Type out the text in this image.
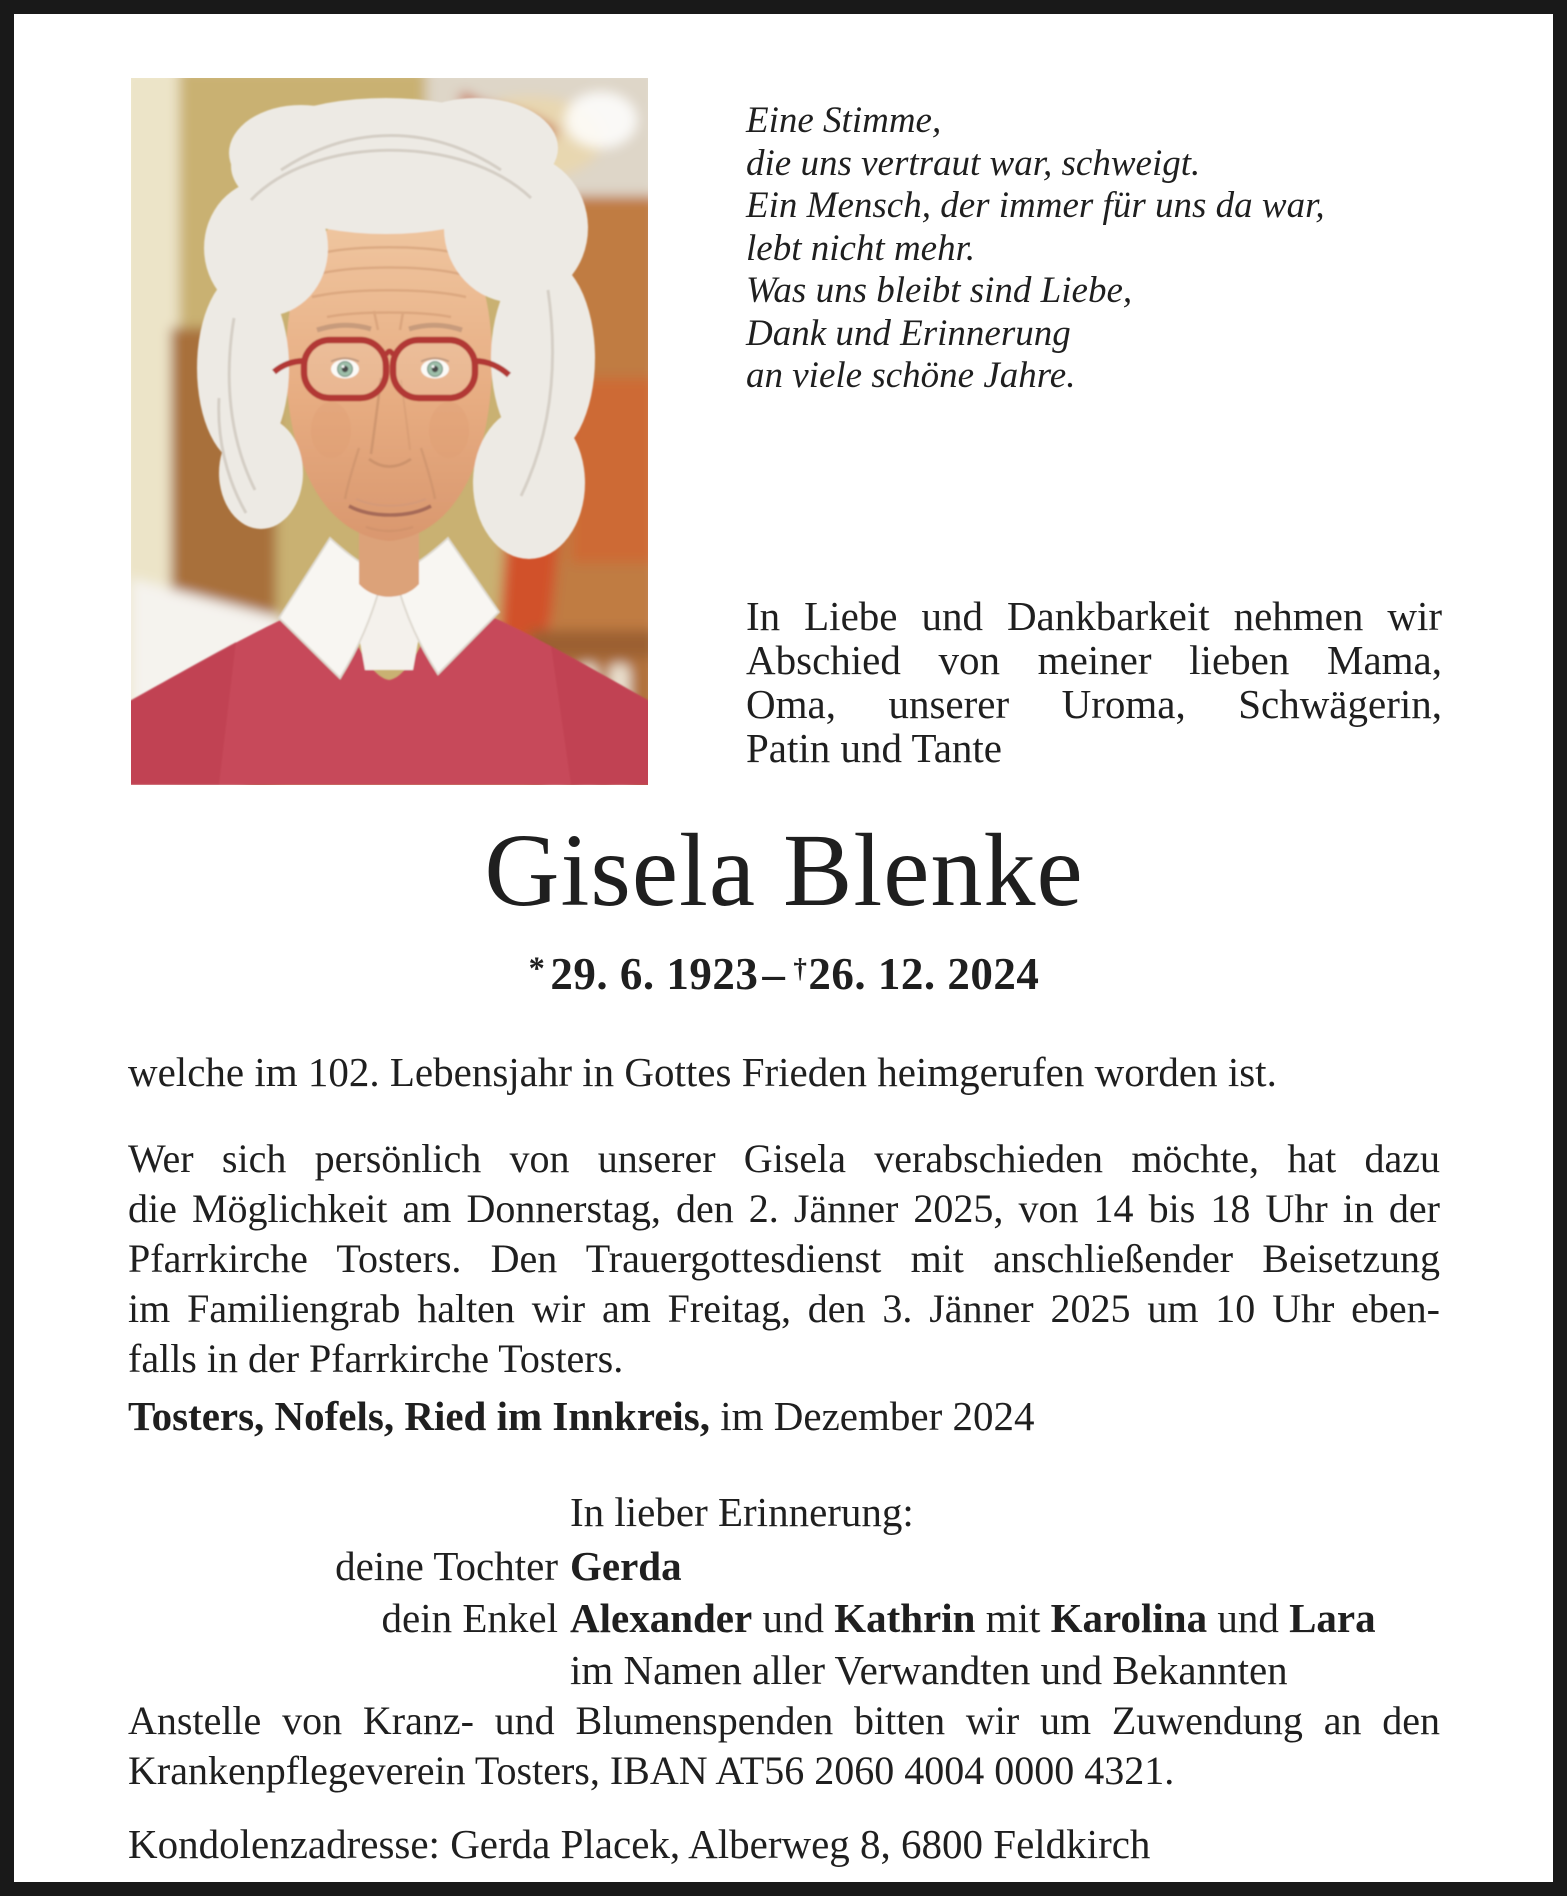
Eine Stimme,
die uns vertraut war, schweigt.
Ein Mensch, der immer für uns da war,
lebt nicht mehr.
Was uns bleibt sind Liebe,
Dank und Erinnerung
an viele schöne Jahre.
In Liebe und Dankbarkeit nehmen wir
Abschied von meiner lieben Mama,
Oma, unserer Uroma, Schwägerin,
Patin und Tante
Gisela Blenke
* 29. 6. 1923– †26. 12. 2024
welche im 102. Lebensjahr in Gottes Frieden heimgerufen worden ist.
Wer sich persönlich von unserer Gisela verabschieden möchte, hat dazu
die Möglichkeit am Donnerstag, den 2. Jänner 2025, von 14 bis 18 Uhr in der
Pfarrkirche Tosters. Den Trauergottesdienst mit anschließender Beisetzung
im Familiengrab halten wir am Freitag, den 3. Jänner 2025 um 10 Uhr eben-
falls in der Pfarrkirche Tosters.
Tosters, Nofels, Ried im Innkreis, im Dezember 2024
In lieber Erinnerung:
deine Tochter Gerda
dein Enkel Alexander und Kathrin mit Karolina und Lara
im Namen aller Verwandten und Bekannten
Anstelle von Kranz- und Blumenspenden bitten wir um Zuwendung an den
Krankenpflegeverein Tosters, IBAN AT56 2060 4004 0000 4321.
Kondolenzadresse: Gerda Placek, Alberweg 8, 6800 Feldkirch
